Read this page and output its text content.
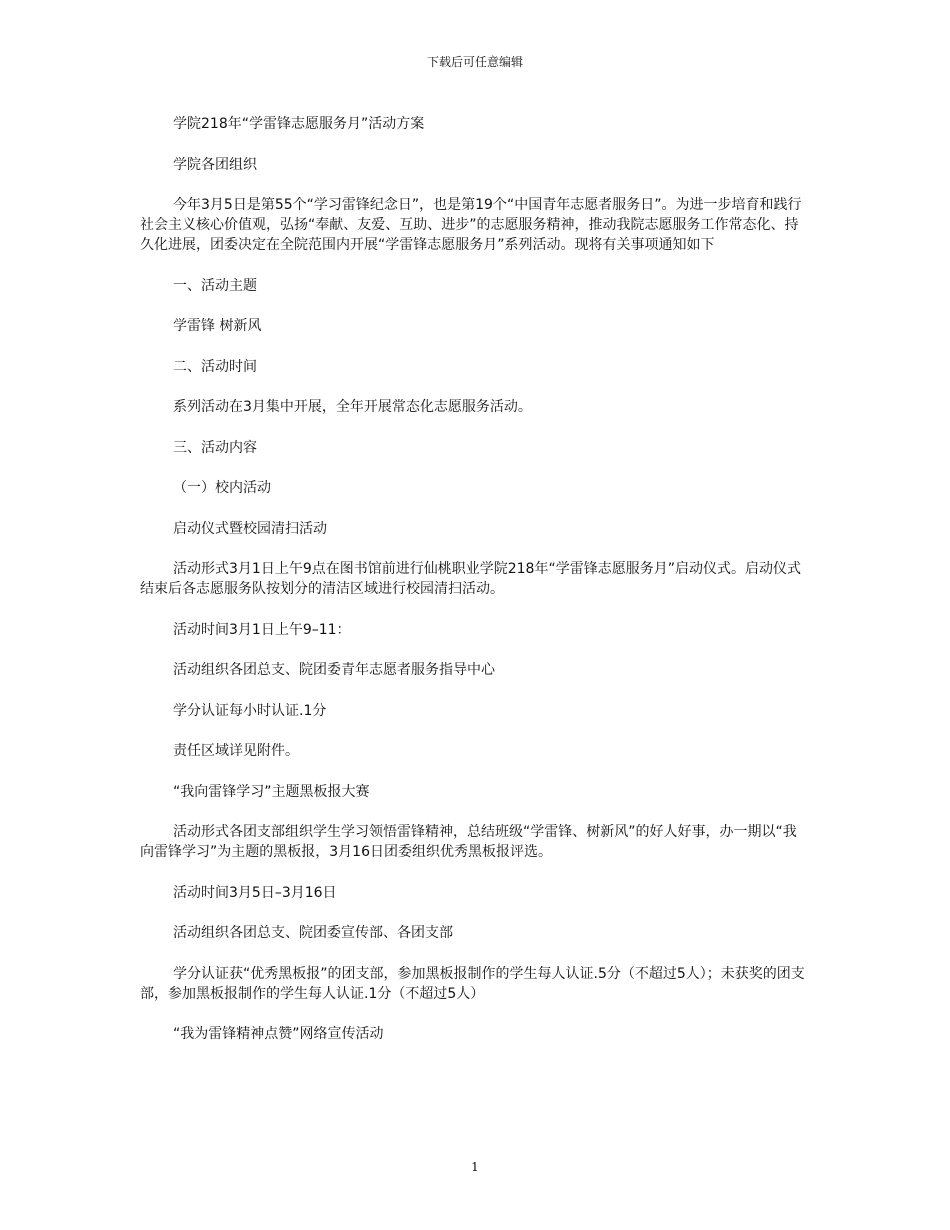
下载后可任意编辑

学院218年“学雷锋志愿服务月”活动方案

学院各团组织

今年3月5日是第55个“学习雷锋纪念日”，也是第19个“中国青年志愿者服务日”。为进一步培育和践行社会主义核心价值观，弘扬“奉献、友爱、互助、进步”的志愿服务精神，推动我院志愿服务工作常态化、持久化进展，团委决定在全院范围内开展“学雷锋志愿服务月”系列活动。现将有关事项通知如下

一、活动主题

学雷锋 树新风

二、活动时间

系列活动在3月集中开展，全年开展常态化志愿服务活动。

三、活动内容

（一）校内活动

启动仪式暨校园清扫活动

活动形式3月1日上午9点在图书馆前进行仙桃职业学院218年“学雷锋志愿服务月”启动仪式。启动仪式结束后各志愿服务队按划分的清洁区域进行校园清扫活动。

活动时间3月1日上午9–11：

活动组织各团总支、院团委青年志愿者服务指导中心

学分认证每小时认证.1分

责任区域详见附件。

“我向雷锋学习”主题黑板报大赛

活动形式各团支部组织学生学习领悟雷锋精神，总结班级“学雷锋、树新风”的好人好事，办一期以“我向雷锋学习”为主题的黑板报，3月16日团委组织优秀黑板报评选。

活动时间3月5日–3月16日

活动组织各团总支、院团委宣传部、各团支部

学分认证获“优秀黑板报”的团支部，参加黑板报制作的学生每人认证.5分（不超过5人）；未获奖的团支部，参加黑板报制作的学生每人认证.1分（不超过5人）

“我为雷锋精神点赞”网络宣传活动

1
